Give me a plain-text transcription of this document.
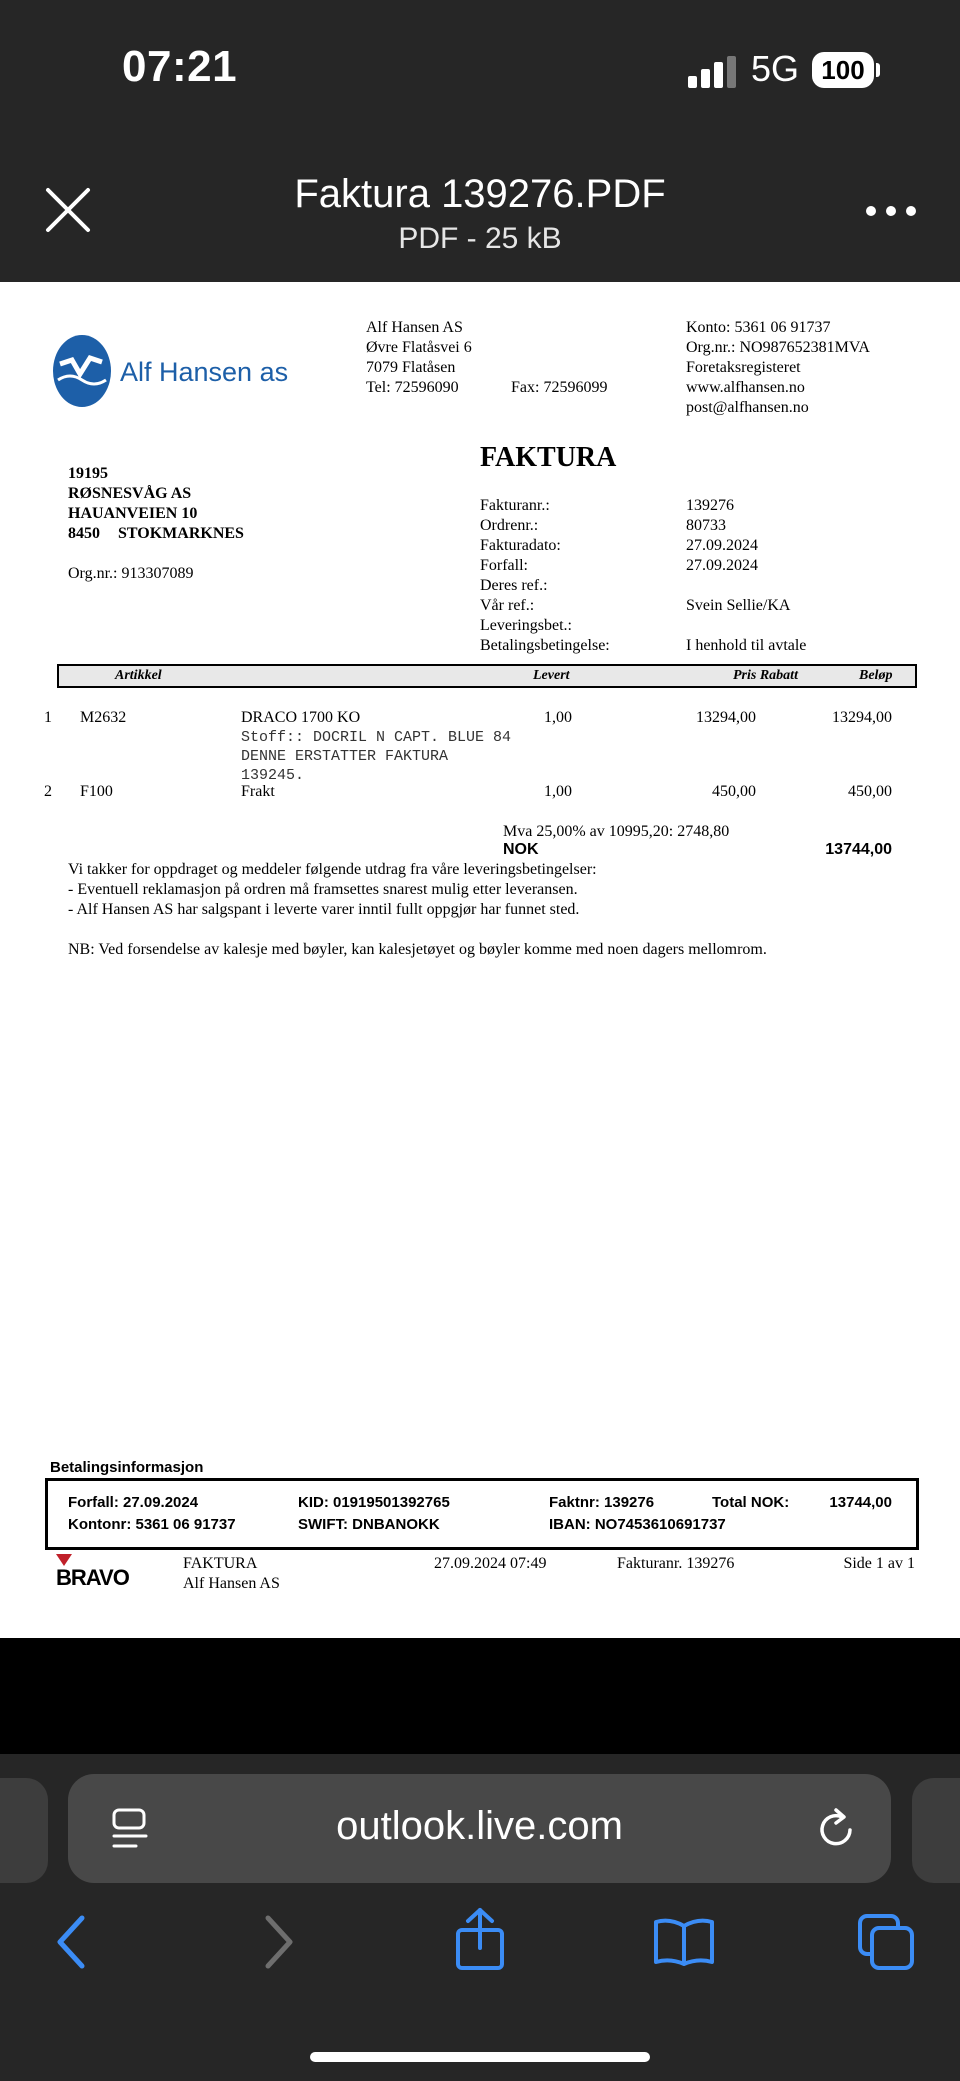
07:21	5G 100
Faktura 139276.PDF
PDF - 25 kB
Alf Hansen as
Alf Hansen AS
Øvre Flatåsvei 6
7079 Flatåsen
Tel: 72596090	Fax: 72596099
Konto: 5361 06 91737
Org.nr.: NO987652381MVA
Foretaksregisteret
www.alfhansen.no
post@alfhansen.no
FAKTURA
19195
RØSNESVÅG AS
HAUANVEIEN 10
8450 STOKMARKNES
Org.nr.: 913307089
Fakturanr.:	139276
Ordrenr.:	80733
Fakturadato:	27.09.2024
Forfall:	27.09.2024
Deres ref.:
Vår ref.:	Svein Sellie/KA
Leveringsbet.:
Betalingsbetingelse:	I henhold til avtale
Artikkel	Levert	Pris Rabatt	Beløp
1 M2632	DRACO 1700 KO	1,00	13294,00	13294,00
Stoff:: DOCRIL N CAPT. BLUE 84
DENNE ERSTATTER FAKTURA
139245.
2 F100	Frakt	1,00	450,00	450,00
Mva 25,00% av 10995,20: 2748,80
NOK	13744,00
Vi takker for oppdraget og meddeler følgende utdrag fra våre leveringsbetingelser:
- Eventuell reklamasjon på ordren må framsettes snarest mulig etter leveransen.
- Alf Hansen AS har salgspant i leverte varer inntil fullt oppgjør har funnet sted.
NB: Ved forsendelse av kalesje med bøyler, kan kalesjetøyet og bøyler komme med noen dagers mellomrom.
Betalingsinformasjon
Forfall: 27.09.2024	KID: 01919501392765	Faktnr: 139276	Total NOK:	13744,00
Kontonr: 5361 06 91737	SWIFT: DNBANOKK	IBAN: NO7453610691737
BRAVO
FAKTURA
Alf Hansen AS
27.09.2024 07:49	Fakturanr. 139276	Side 1 av 1
outlook.live.com
